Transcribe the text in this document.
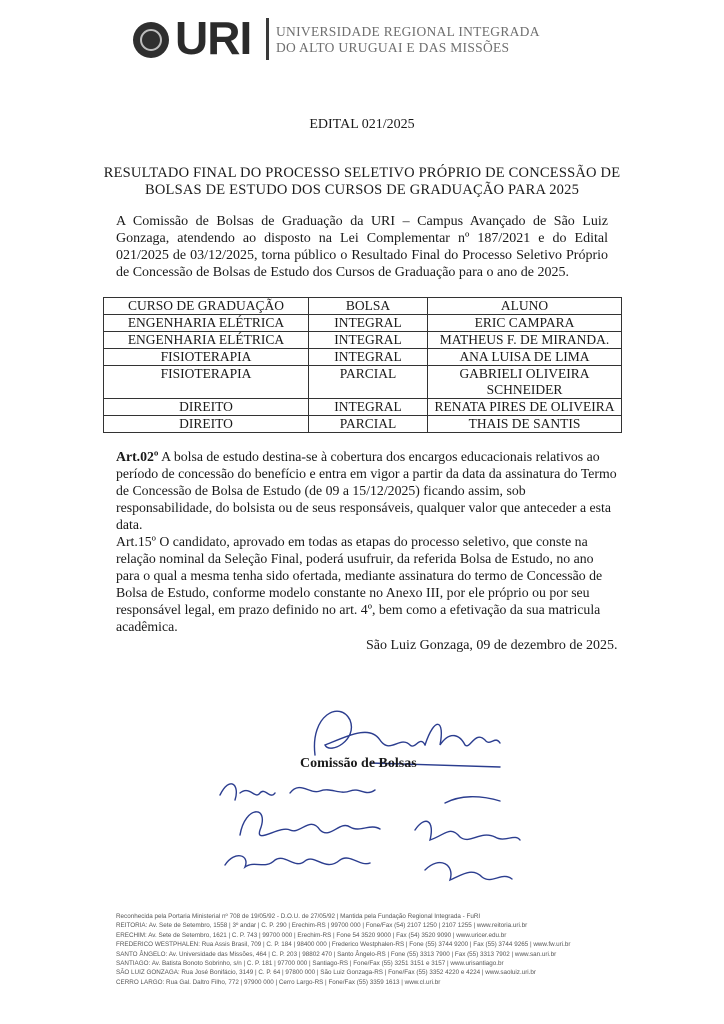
URI UNIVERSIDADE REGIONAL INTEGRADA
DO ALTO URUGUAI E DAS MISSÕES
EDITAL 021/2025
RESULTADO FINAL DO PROCESSO SELETIVO PRÓPRIO DE CONCESSÃO DE
BOLSAS DE ESTUDO DOS CURSOS DE GRADUAÇÃO PARA 2025
A Comissão de Bolsas de Graduação da URI – Campus Avançado de São Luiz Gonzaga, atendendo ao disposto na Lei Complementar nº 187/2021 e do Edital 021/2025 de 03/12/2025, torna público o Resultado Final do Processo Seletivo Próprio de Concessão de Bolsas de Estudo dos Cursos de Graduação para o ano de 2025.
CURSO DE GRADUAÇÃO	BOLSA	ALUNO
ENGENHARIA ELÉTRICA	INTEGRAL	ERIC CAMPARA
ENGENHARIA ELÉTRICA	INTEGRAL	MATHEUS F. DE MIRANDA.
FISIOTERAPIA	INTEGRAL	ANA LUISA DE LIMA
FISIOTERAPIA	PARCIAL	GABRIELI OLIVEIRA SCHNEIDER
DIREITO	INTEGRAL	RENATA PIRES DE OLIVEIRA
DIREITO	PARCIAL	THAIS DE SANTIS
Art.02º A bolsa de estudo destina-se à cobertura dos encargos educacionais relativos ao período de concessão do benefício e entra em vigor a partir da data da assinatura do Termo de Concessão de Bolsa de Estudo (de 09 a 15/12/2025) ficando assim, sob responsabilidade, do bolsista ou de seus responsáveis, qualquer valor que anteceder a esta data.
Art.15º O candidato, aprovado em todas as etapas do processo seletivo, que conste na relação nominal da Seleção Final, poderá usufruir, da referida Bolsa de Estudo, no ano para o qual a mesma tenha sido ofertada, mediante assinatura do termo de Concessão de Bolsa de Estudo, conforme modelo constante no Anexo III, por ele próprio ou por seu responsável legal, em prazo definido no art. 4º, bem como a efetivação da sua matricula acadêmica.
São Luiz Gonzaga, 09 de dezembro de 2025.
Comissão de Bolsas
Reconhecida pela Portaria Ministerial nº 708 de 19/05/92 - D.O.U. de 27/05/92 | Mantida pela Fundação Regional Integrada - FuRI
REITORIA: Av. Sete de Setembro, 1558 | 3º andar | C. P. 290 | Erechim-RS | 99700 000 | Fone/Fax (54) 2107 1250 | 2107 1255 | www.reitoria.uri.br
ERECHIM: Av. Sete de Setembro, 1621 | C. P. 743 | 99700 000 | Erechim-RS | Fone 54 3520 9000 | Fax (54) 3520 9090 | www.uricer.edu.br
FREDERICO WESTPHALEN: Rua Assis Brasil, 709 | C. P. 184 | 98400 000 | Frederico Westphalen-RS | Fone (55) 3744 9200 | Fax (55) 3744 9265 | www.fw.uri.br
SANTO ÂNGELO: Av. Universidade das Missões, 464 | C. P. 203 | 98802 470 | Santo Ângelo-RS | Fone (55) 3313 7900 | Fax (55) 3313 7902 | www.san.uri.br
SANTIAGO: Av. Batista Bonoto Sobrinho, s/n | C. P. 181 | 97700 000 | Santiago-RS | Fone/Fax (55) 3251 3151 e 3157 | www.urisantiago.br
SÃO LUIZ GONZAGA: Rua José Bonifácio, 3149 | C. P. 64 | 97800 000 | São Luiz Gonzaga-RS | Fone/Fax (55) 3352 4220 e 4224 | www.saoluiz.uri.br
CERRO LARGO: Rua Gal. Daltro Filho, 772 | 97900 000 | Cerro Largo-RS | Fone/Fax (55) 3359 1613 | www.cl.uri.br
